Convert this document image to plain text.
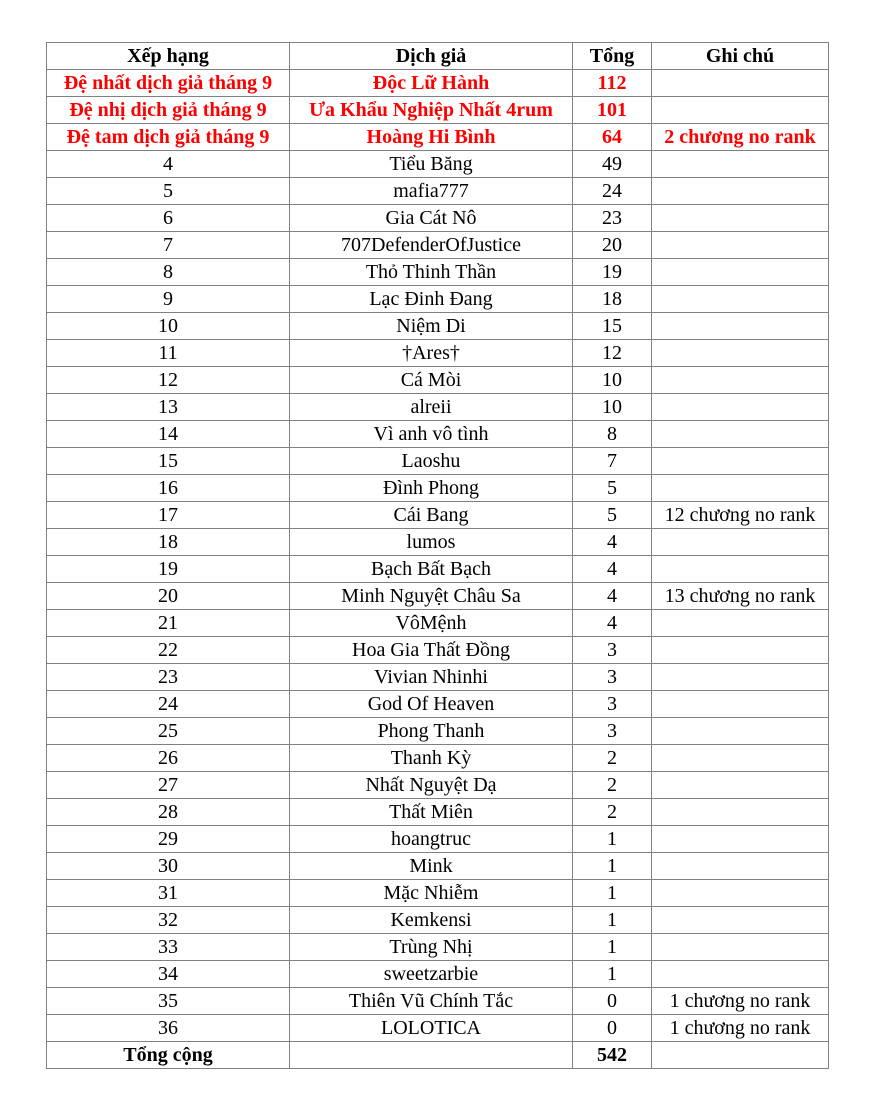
Xếp hạng	Dịch giả	Tổng	Ghi chú
Đệ nhất dịch giả tháng 9	Độc Lữ Hành	112	
Đệ nhị dịch giả tháng 9	Ưa Khẩu Nghiệp Nhất 4rum	101	
Đệ tam dịch giả tháng 9	Hoàng Hi Bình	64	2 chương no rank
4	Tiểu Băng	49	
5	mafia777	24	
6	Gia Cát Nô	23	
7	707DefenderOfJustice	20	
8	Thỏ Thinh Thần	19	
9	Lạc Đinh Đang	18	
10	Niệm Di	15	
11	†Ares†	12	
12	Cá Mòi	10	
13	alreii	10	
14	Vì anh vô tình	8	
15	Laoshu	7	
16	Đình Phong	5	
17	Cái Bang	5	12 chương no rank
18	lumos	4	
19	Bạch Bất Bạch	4	
20	Minh Nguyệt Châu Sa	4	13 chương no rank
21	VôMệnh	4	
22	Hoa Gia Thất Đồng	3	
23	Vivian Nhinhi	3	
24	God Of Heaven	3	
25	Phong Thanh	3	
26	Thanh Kỳ	2	
27	Nhất Nguyệt Dạ	2	
28	Thất Miên	2	
29	hoangtruc	1	
30	Mink	1	
31	Mặc Nhiễm	1	
32	Kemkensi	1	
33	Trùng Nhị	1	
34	sweetzarbie	1	
35	Thiên Vũ Chính Tắc	0	1 chương no rank
36	LOLOTICA	0	1 chương no rank
Tổng cộng		542	
